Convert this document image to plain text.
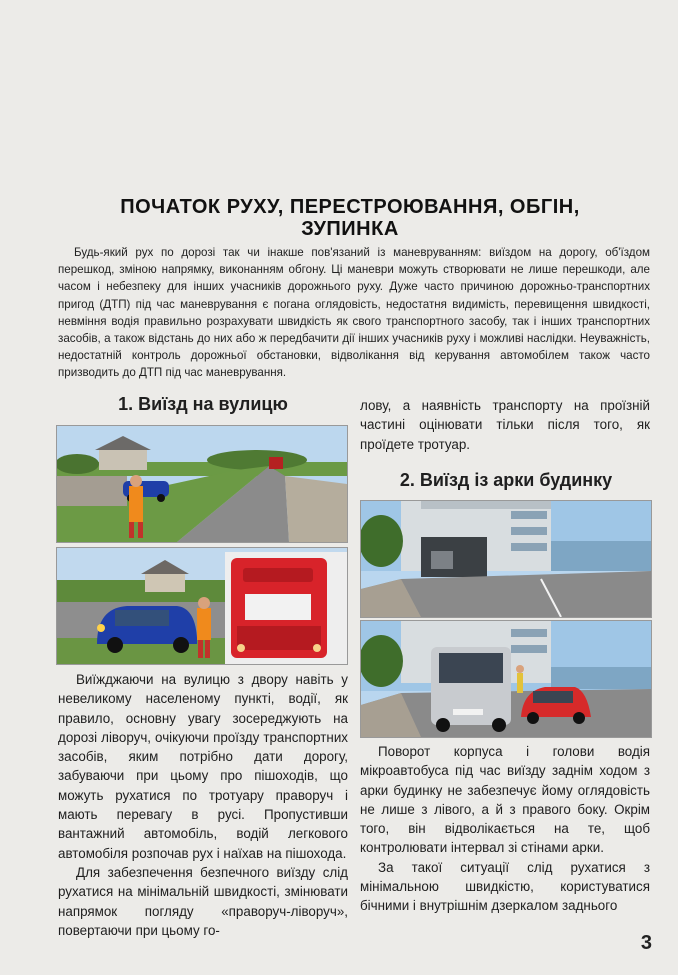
ПОЧАТОК РУХУ, ПЕРЕСТРОЮВАННЯ, ОБГІН, ЗУПИНКА

Будь-який рух по дорозі так чи інакше пов'язаний із маневруванням: виїздом на дорогу, об'їздом перешкод, зміною напрямку, виконанням обгону. Ці маневри можуть створювати не лише перешкоди, але часом і небезпеку для інших учасників дорожнього руху. Дуже часто причиною дорожньо-транспортних пригод (ДТП) під час маневрування є погана оглядовість, недостатня видимість, перевищення швидкості, невміння водія правильно розрахувати швидкість як свого транспортного засобу, так і інших транспортних засобів, а також відстань до них або ж передбачити дії інших учасників руху і можливі наслідки. Неуважність, недостатній контроль дорожньої обстановки, відволікання від керування автомобілем також часто призводить до ДТП під час маневрування.

1. Виїзд на вулицю

Виїжджаючи на вулицю з двору навіть у невеликому населеному пункті, водії, як правило, основну увагу зосереджують на дорозі ліворуч, очікуючи проїзду транспортних засобів, яким потрібно дати дорогу, забуваючи при цьому про пішоходів, що можуть рухатися по тротуару праворуч і мають перевагу в русі. Пропустивши вантажний автомобіль, водій легкового автомобіля розпочав рух і наїхав на пішохода.

Для забезпечення безпечного виїзду слід рухатися на мінімальній швидкості, змінювати напрямок погляду «праворуч-ліворуч», повертаючи при цьому го-

лову, а наявність транспорту на проїзній частині оцінювати тільки після того, як проїдете тротуар.

2. Виїзд із арки будинку

Поворот корпуса і голови водія мікроавтобуса під час виїзду заднім ходом з арки будинку не забезпечує йому оглядовість не лише з лівого, а й з правого боку. Окрім того, він відволікається на те, щоб контролювати інтервал зі стінами арки.

За такої ситуації слід рухатися з мінімальною швидкістю, користуватися бічними і внутрішнім дзеркалом заднього

3
